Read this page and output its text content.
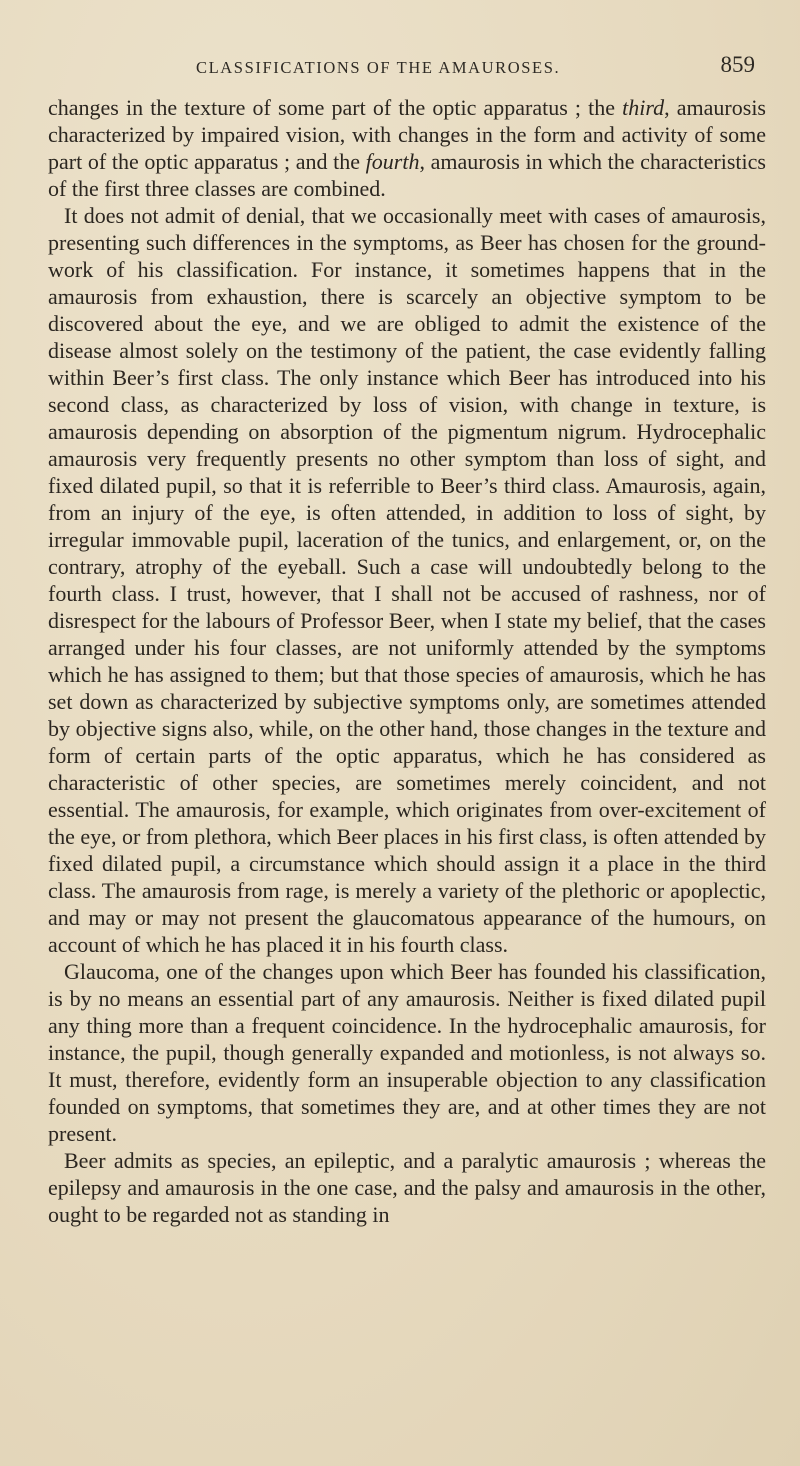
CLASSIFICATIONS OF THE AMAUROSES.	859

changes in the texture of some part of the optic apparatus ; the third, amaurosis characterized by impaired vision, with changes in the form and activity of some part of the optic apparatus ; and the fourth, amaurosis in which the characteristics of the first three classes are combined.

It does not admit of denial, that we occasionally meet with cases of amaurosis, presenting such differences in the symptoms, as Beer has chosen for the ground-work of his classification. For instance, it sometimes happens that in the amaurosis from exhaustion, there is scarcely an objective symptom to be discovered about the eye, and we are obliged to admit the existence of the disease almost solely on the testimony of the patient, the case evidently falling within Beer’s first class. The only instance which Beer has introduced into his second class, as characterized by loss of vision, with change in texture, is amaurosis depending on absorption of the pigmentum nigrum. Hydrocephalic amaurosis very frequently presents no other symptom than loss of sight, and fixed dilated pupil, so that it is referrible to Beer’s third class. Amaurosis, again, from an injury of the eye, is often attended, in addition to loss of sight, by irregular immovable pupil, laceration of the tunics, and enlargement, or, on the contrary, atrophy of the eyeball. Such a case will undoubtedly belong to the fourth class. I trust, however, that I shall not be accused of rashness, nor of disrespect for the labours of Professor Beer, when I state my belief, that the cases arranged under his four classes, are not uniformly attended by the symptoms which he has assigned to them; but that those species of amaurosis, which he has set down as characterized by subjective symptoms only, are sometimes attended by objective signs also, while, on the other hand, those changes in the texture and form of certain parts of the optic apparatus, which he has considered as characteristic of other species, are sometimes merely coincident, and not essential. The amaurosis, for example, which originates from over-excitement of the eye, or from plethora, which Beer places in his first class, is often attended by fixed dilated pupil, a circumstance which should assign it a place in the third class. The amaurosis from rage, is merely a variety of the plethoric or apoplectic, and may or may not present the glaucomatous appearance of the humours, on account of which he has placed it in his fourth class.

Glaucoma, one of the changes upon which Beer has founded his classification, is by no means an essential part of any amaurosis. Neither is fixed dilated pupil any thing more than a frequent coincidence. In the hydrocephalic amaurosis, for instance, the pupil, though generally expanded and motionless, is not always so. It must, therefore, evidently form an insuperable objection to any classification founded on symptoms, that sometimes they are, and at other times they are not present.

Beer admits as species, an epileptic, and a paralytic amaurosis ; whereas the epilepsy and amaurosis in the one case, and the palsy and amaurosis in the other, ought to be regarded not as standing in
